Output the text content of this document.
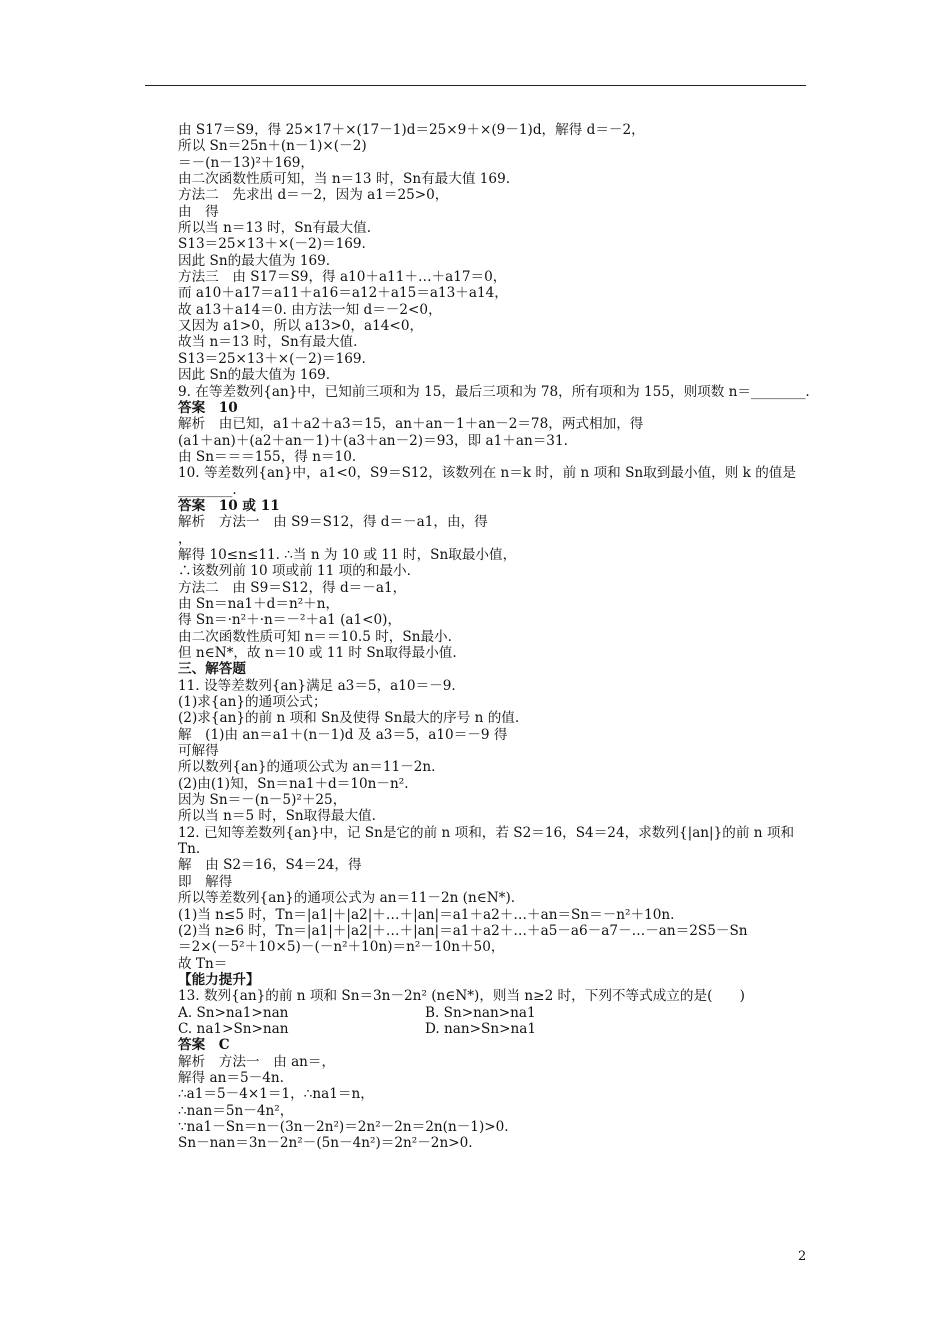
由 S17＝S9，得 25×17＋×(17－1)d＝25×9＋×(9－1)d，解得 d＝－2，
所以 Sn＝25n＋(n－1)×(－2)
＝－(n－13)²＋169，
由二次函数性质可知，当 n＝13 时，Sn有最大值 169.
方法二　先求出 d＝－2，因为 a1＝25>0，
由　得
所以当 n＝13 时，Sn有最大值.
S13＝25×13＋×(－2)＝169.
因此 Sn的最大值为 169.
方法三　由 S17＝S9，得 a10＋a11＋…＋a17＝0，
而 a10＋a17＝a11＋a16＝a12＋a15＝a13＋a14，
故 a13＋a14＝0. 由方法一知 d＝－2<0，
又因为 a1>0，所以 a13>0，a14<0，
故当 n＝13 时，Sn有最大值.
S13＝25×13＋×(－2)＝169.
因此 Sn的最大值为 169.
9. 在等差数列{an}中，已知前三项和为 15，最后三项和为 78，所有项和为 155，则项数 n＝________.
答案　10
解析　由已知，a1＋a2＋a3＝15，an＋an－1＋an－2＝78，两式相加，得
(a1＋an)＋(a2＋an－1)＋(a3＋an－2)＝93，即 a1＋an＝31.
由 Sn＝＝＝155，得 n＝10.
10. 等差数列{an}中，a1<0，S9＝S12，该数列在 n＝k 时，前 n 项和 Sn取到最小值，则 k 的值是________.
答案　10 或 11
解析　方法一　由 S9＝S12，得 d＝－a1，由，得
，
解得 10≤n≤11. ∴当 n 为 10 或 11 时，Sn取最小值，
∴该数列前 10 项或前 11 项的和最小.
方法二　由 S9＝S12，得 d＝－a1，
由 Sn＝na1＋d＝n²＋n，
得 Sn＝·n²＋·n＝－²＋a1 (a1<0)，
由二次函数性质可知 n＝＝10.5 时，Sn最小.
但 n∈N*，故 n＝10 或 11 时 Sn取得最小值.
三、解答题
11. 设等差数列{an}满足 a3＝5，a10＝－9.
(1)求{an}的通项公式；
(2)求{an}的前 n 项和 Sn及使得 Sn最大的序号 n 的值.
解　(1)由 an＝a1＋(n－1)d 及 a3＝5，a10＝－9 得
可解得
所以数列{an}的通项公式为 an＝11－2n.
(2)由(1)知，Sn＝na1＋d＝10n－n².
因为 Sn＝－(n－5)²＋25，
所以当 n＝5 时，Sn取得最大值.
12. 已知等差数列{an}中，记 Sn是它的前 n 项和，若 S2＝16，S4＝24，求数列{|an|}的前 n 项和 Tn.
解　由 S2＝16，S4＝24，得
即　解得
所以等差数列{an}的通项公式为 an＝11－2n (n∈N*).
(1)当 n≤5 时，Tn＝|a1|＋|a2|＋…＋|an|＝a1＋a2＋…＋an＝Sn＝－n²＋10n.
(2)当 n≥6 时，Tn＝|a1|＋|a2|＋…＋|an|＝a1＋a2＋…＋a5－a6－a7－…－an＝2S5－Sn
＝2×(－5²＋10×5)－(－n²＋10n)＝n²－10n＋50，
故 Tn＝
【能力提升】
13. 数列{an}的前 n 项和 Sn＝3n－2n² (n∈N*)，则当 n≥2 时，下列不等式成立的是(　　)
A. Sn>na1>nan	B. Sn>nan>na1
C. na1>Sn>nan	D. nan>Sn>na1
答案　C
解析　方法一　由 an＝，
解得 an＝5－4n.
∴a1＝5－4×1＝1，∴na1＝n，
∴nan＝5n－4n²，
∵na1－Sn＝n－(3n－2n²)＝2n²－2n＝2n(n－1)>0.
Sn－nan＝3n－2n²－(5n－4n²)＝2n²－2n>0.
2
